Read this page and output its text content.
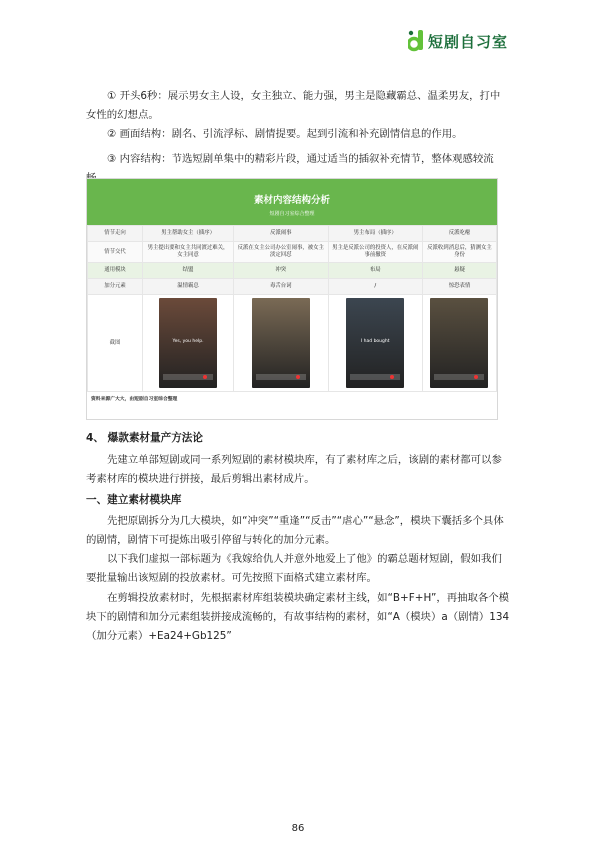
短剧自习室
① 开头6秒：展示男女主人设，女主独立、能力强，男主是隐藏霸总、温柔男友，打中女性的幻想点。
② 画面结构：剧名、引流浮标、剧情提要。起到引流和补充剧情信息的作用。
③ 内容结构：节选短剧单集中的精彩片段，通过适当的插叙补充情节，整体观感较流
素材内容结构分析
短剧自习室综合整理
情节走向	男主帮助女主（插序）	反派闹事	男主布局（插序）	反派吃瘪
情节交代	男主提出要和女主共同渡过难关，女主同意	反派在女主公司办公室闹事，被女主淡定回怼	男主是反派公司的投资人，在反派闹事前撤资	反派收到消息后，猜测女主身份
通用模块	结盟	冲突	布局	悬疑
加分元素	温情霸总	毒舌台词	/	惊恐表情
截图	Yes, you help.		I had bought	

资料来源广大大，由短剧自习室综合整理
4、 爆款素材量产方法论
先建立单部短剧或同一系列短剧的素材模块库，有了素材库之后，该剧的素材都可以参考素材库的模块进行拼接，最后剪辑出素材成片。
一、建立素材模块库
先把原剧拆分为几大模块，如“冲突”“重逢”“反击”“虐心”“悬念”，模块下囊括多个具体的剧情，剧情下可提炼出吸引停留与转化的加分元素。
以下我们虚拟一部标题为《我嫁给仇人并意外地爱上了他》的霸总题材短剧，假如我们要批量输出该短剧的投放素材。可先按照下面格式建立素材库。
在剪辑投放素材时，先根据素材库组装模块确定素材主线，如“B+F+H”，再抽取各个模块下的剧情和加分元素组装拼接成流畅的，有故事结构的素材，如“A（模块）a（剧情）134（加分元素）+Ea24+Gb125”
86
